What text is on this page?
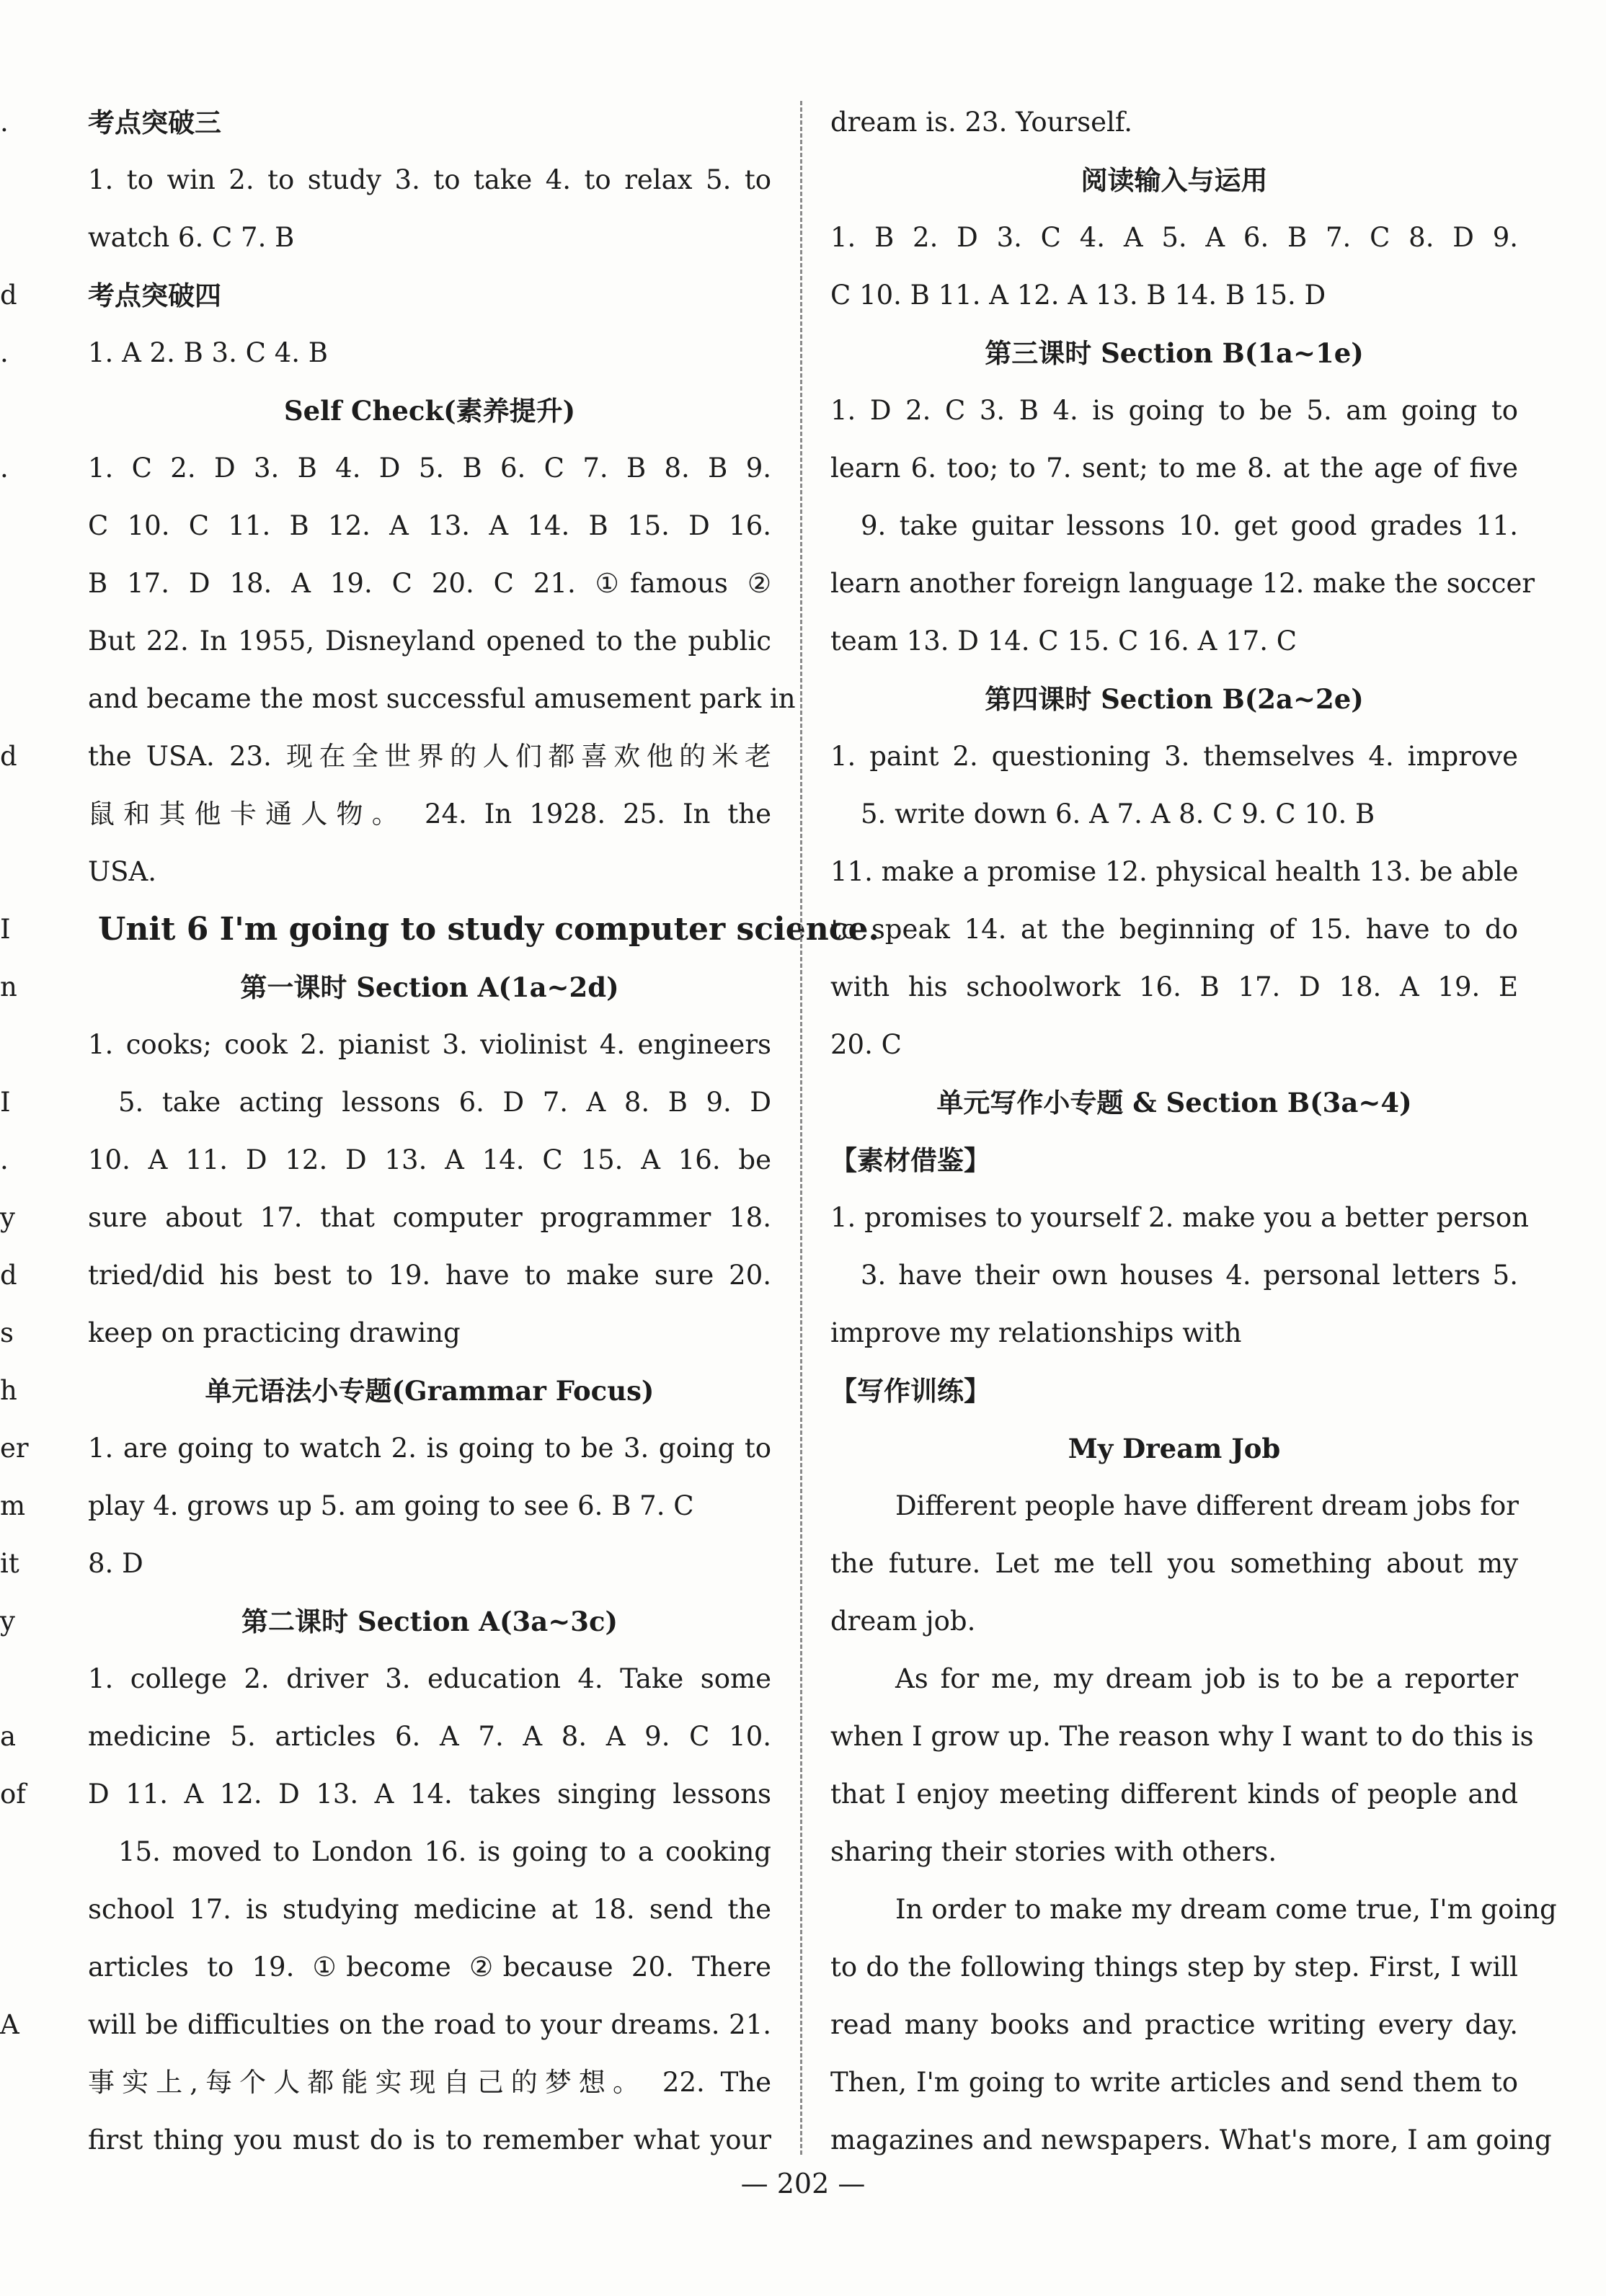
.
d
.
.
d
I
n
I
.
y
d
s
h
er
m
it
y
a
of
A
考点突破三
1. to win 2. to study 3. to take 4. to relax 5. to
watch 6. C 7. B
考点突破四
1. A 2. B 3. C 4. B
Self Check(素养提升)
1. C 2. D 3. B 4. D 5. B 6. C 7. B 8. B 9.
C 10. C 11. B 12. A 13. A 14. B 15. D 16.
B 17. D 18. A 19. C 20. C 21. ①famous ②
But 22. In 1955, Disneyland opened to the public
and became the most successful amusement park in
the USA. 23. 现在全世界的人们都喜欢他的米老
鼠和其他卡通人物。 24. In 1928. 25. In the
USA.
Unit 6 I'm going to study computer science.
第一课时 Section A(1a~2d)
1. cooks; cook 2. pianist 3. violinist 4. engineers
5. take acting lessons 6. D 7. A 8. B 9. D
10. A 11. D 12. D 13. A 14. C 15. A 16. be
sure about 17. that computer programmer 18.
tried/did his best to 19. have to make sure 20.
keep on practicing drawing
单元语法小专题(Grammar Focus)
1. are going to watch 2. is going to be 3. going to
play 4. grows up 5. am going to see 6. B 7. C
8. D
第二课时 Section A(3a~3c)
1. college 2. driver 3. education 4. Take some
medicine 5. articles 6. A 7. A 8. A 9. C 10.
D 11. A 12. D 13. A 14. takes singing lessons
15. moved to London 16. is going to a cooking
school 17. is studying medicine at 18. send the
articles to 19. ①become ②because 20. There
will be difficulties on the road to your dreams. 21.
事实上,每个人都能实现自己的梦想。 22. The
first thing you must do is to remember what your
dream is. 23. Yourself.
阅读输入与运用
1. B 2. D 3. C 4. A 5. A 6. B 7. C 8. D 9.
C 10. B 11. A 12. A 13. B 14. B 15. D
第三课时 Section B(1a~1e)
1. D 2. C 3. B 4. is going to be 5. am going to
learn 6. too; to 7. sent; to me 8. at the age of five
9. take guitar lessons 10. get good grades 11.
learn another foreign language 12. make the soccer
team 13. D 14. C 15. C 16. A 17. C
第四课时 Section B(2a~2e)
1. paint 2. questioning 3. themselves 4. improve
5. write down 6. A 7. A 8. C 9. C 10. B
11. make a promise 12. physical health 13. be able
to speak 14. at the beginning of 15. have to do
with his schoolwork 16. B 17. D 18. A 19. E
20. C
单元写作小专题 & Section B(3a~4)
【素材借鉴】
1. promises to yourself 2. make you a better person
3. have their own houses 4. personal letters 5.
improve my relationships with
【写作训练】
My Dream Job
Different people have different dream jobs for
the future. Let me tell you something about my
dream job.
As for me, my dream job is to be a reporter
when I grow up. The reason why I want to do this is
that I enjoy meeting different kinds of people and
sharing their stories with others.
In order to make my dream come true, I'm going
to do the following things step by step. First, I will
read many books and practice writing every day.
Then, I'm going to write articles and send them to
magazines and newspapers. What's more, I am going
— 202 —
